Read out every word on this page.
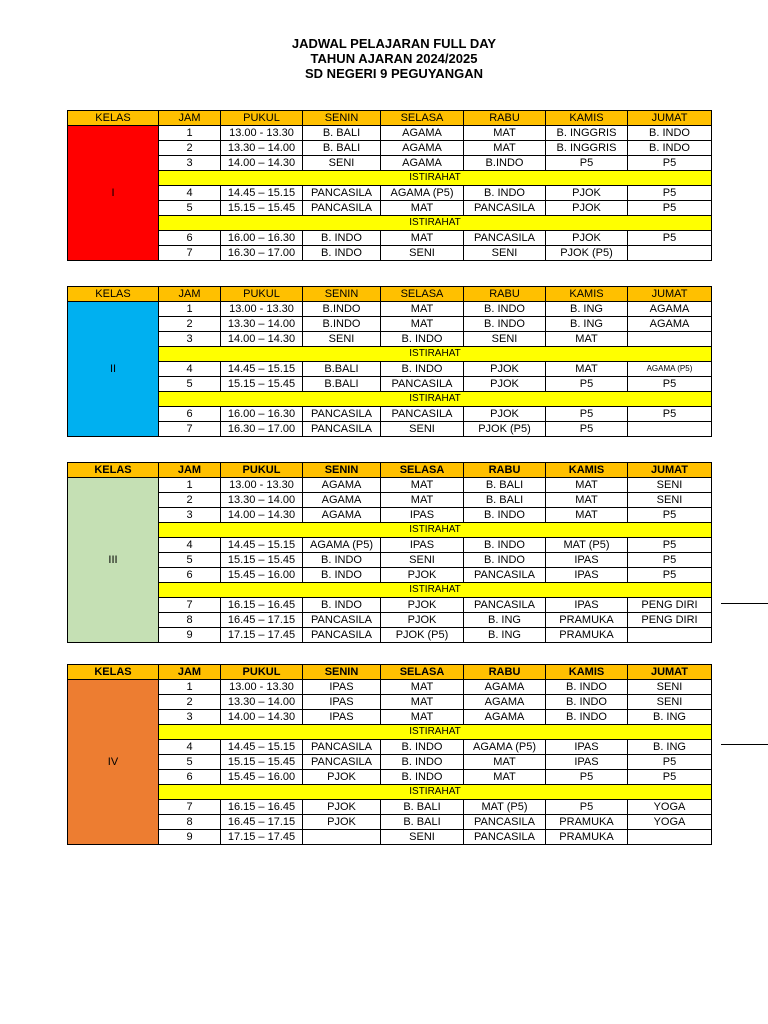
JADWAL PELAJARAN FULL DAY
TAHUN AJARAN 2024/2025
SD NEGERI 9 PEGUYANGAN
KELAS	JAM	PUKUL	SENIN	SELASA	RABU	KAMIS	JUMAT
I	1	13.00 - 13.30	B. BALI	AGAMA	MAT	B. INGGRIS	B. INDO
	2	13.30 – 14.00	B. BALI	AGAMA	MAT	B. INGGRIS	B. INDO
	3	14.00 – 14.30	SENI	AGAMA	B.INDO	P5	P5
	ISTIRAHAT						
	4	14.45 – 15.15	PANCASILA	AGAMA (P5)	B. INDO	PJOK	P5
	5	15.15 – 15.45	PANCASILA	MAT	PANCASILA	PJOK	P5
	ISTIRAHAT						
	6	16.00 – 16.30	B. INDO	MAT	PANCASILA	PJOK	P5
	7	16.30 – 17.00	B. INDO	SENI	SENI	PJOK (P5)	
KELAS	JAM	PUKUL	SENIN	SELASA	RABU	KAMIS	JUMAT
II	1	13.00 - 13.30	B.INDO	MAT	B. INDO	B. ING	AGAMA
	2	13.30 – 14.00	B.INDO	MAT	B. INDO	B. ING	AGAMA
	3	14.00 – 14.30	SENI	B. INDO	SENI	MAT	
	ISTIRAHAT						
	4	14.45 – 15.15	B.BALI	B. INDO	PJOK	MAT	AGAMA (P5)
	5	15.15 – 15.45	B.BALI	PANCASILA	PJOK	P5	P5
	ISTIRAHAT						
	6	16.00 – 16.30	PANCASILA	PANCASILA	PJOK	P5	P5
	7	16.30 – 17.00	PANCASILA	SENI	PJOK (P5)	P5	
KELAS	JAM	PUKUL	SENIN	SELASA	RABU	KAMIS	JUMAT
III	1	13.00 - 13.30	AGAMA	MAT	B. BALI	MAT	SENI
	2	13.30 – 14.00	AGAMA	MAT	B. BALI	MAT	SENI
	3	14.00 – 14.30	AGAMA	IPAS	B. INDO	MAT	P5
	ISTIRAHAT						
	4	14.45 – 15.15	AGAMA (P5)	IPAS	B. INDO	MAT (P5)	P5
	5	15.15 – 15.45	B. INDO	SENI	B. INDO	IPAS	P5
	6	15.45 – 16.00	B. INDO	PJOK	PANCASILA	IPAS	P5
	ISTIRAHAT						
	7	16.15 – 16.45	B. INDO	PJOK	PANCASILA	IPAS	PENG DIRI
	8	16.45 – 17.15	PANCASILA	PJOK	B. ING	PRAMUKA	PENG DIRI
	9	17.15 – 17.45	PANCASILA	PJOK (P5)	B. ING	PRAMUKA	
KELAS	JAM	PUKUL	SENIN	SELASA	RABU	KAMIS	JUMAT
IV	1	13.00 - 13.30	IPAS	MAT	AGAMA	B. INDO	SENI
	2	13.30 – 14.00	IPAS	MAT	AGAMA	B. INDO	SENI
	3	14.00 – 14.30	IPAS	MAT	AGAMA	B. INDO	B. ING
	ISTIRAHAT						
	4	14.45 – 15.15	PANCASILA	B. INDO	AGAMA (P5)	IPAS	B. ING
	5	15.15 – 15.45	PANCASILA	B. INDO	MAT	IPAS	P5
	6	15.45 – 16.00	PJOK	B. INDO	MAT	P5	P5
	ISTIRAHAT						
	7	16.15 – 16.45	PJOK	B. BALI	MAT (P5)	P5	YOGA
	8	16.45 – 17.15	PJOK	B. BALI	PANCASILA	PRAMUKA	YOGA
	9	17.15 – 17.45		SENI	PANCASILA	PRAMUKA	
